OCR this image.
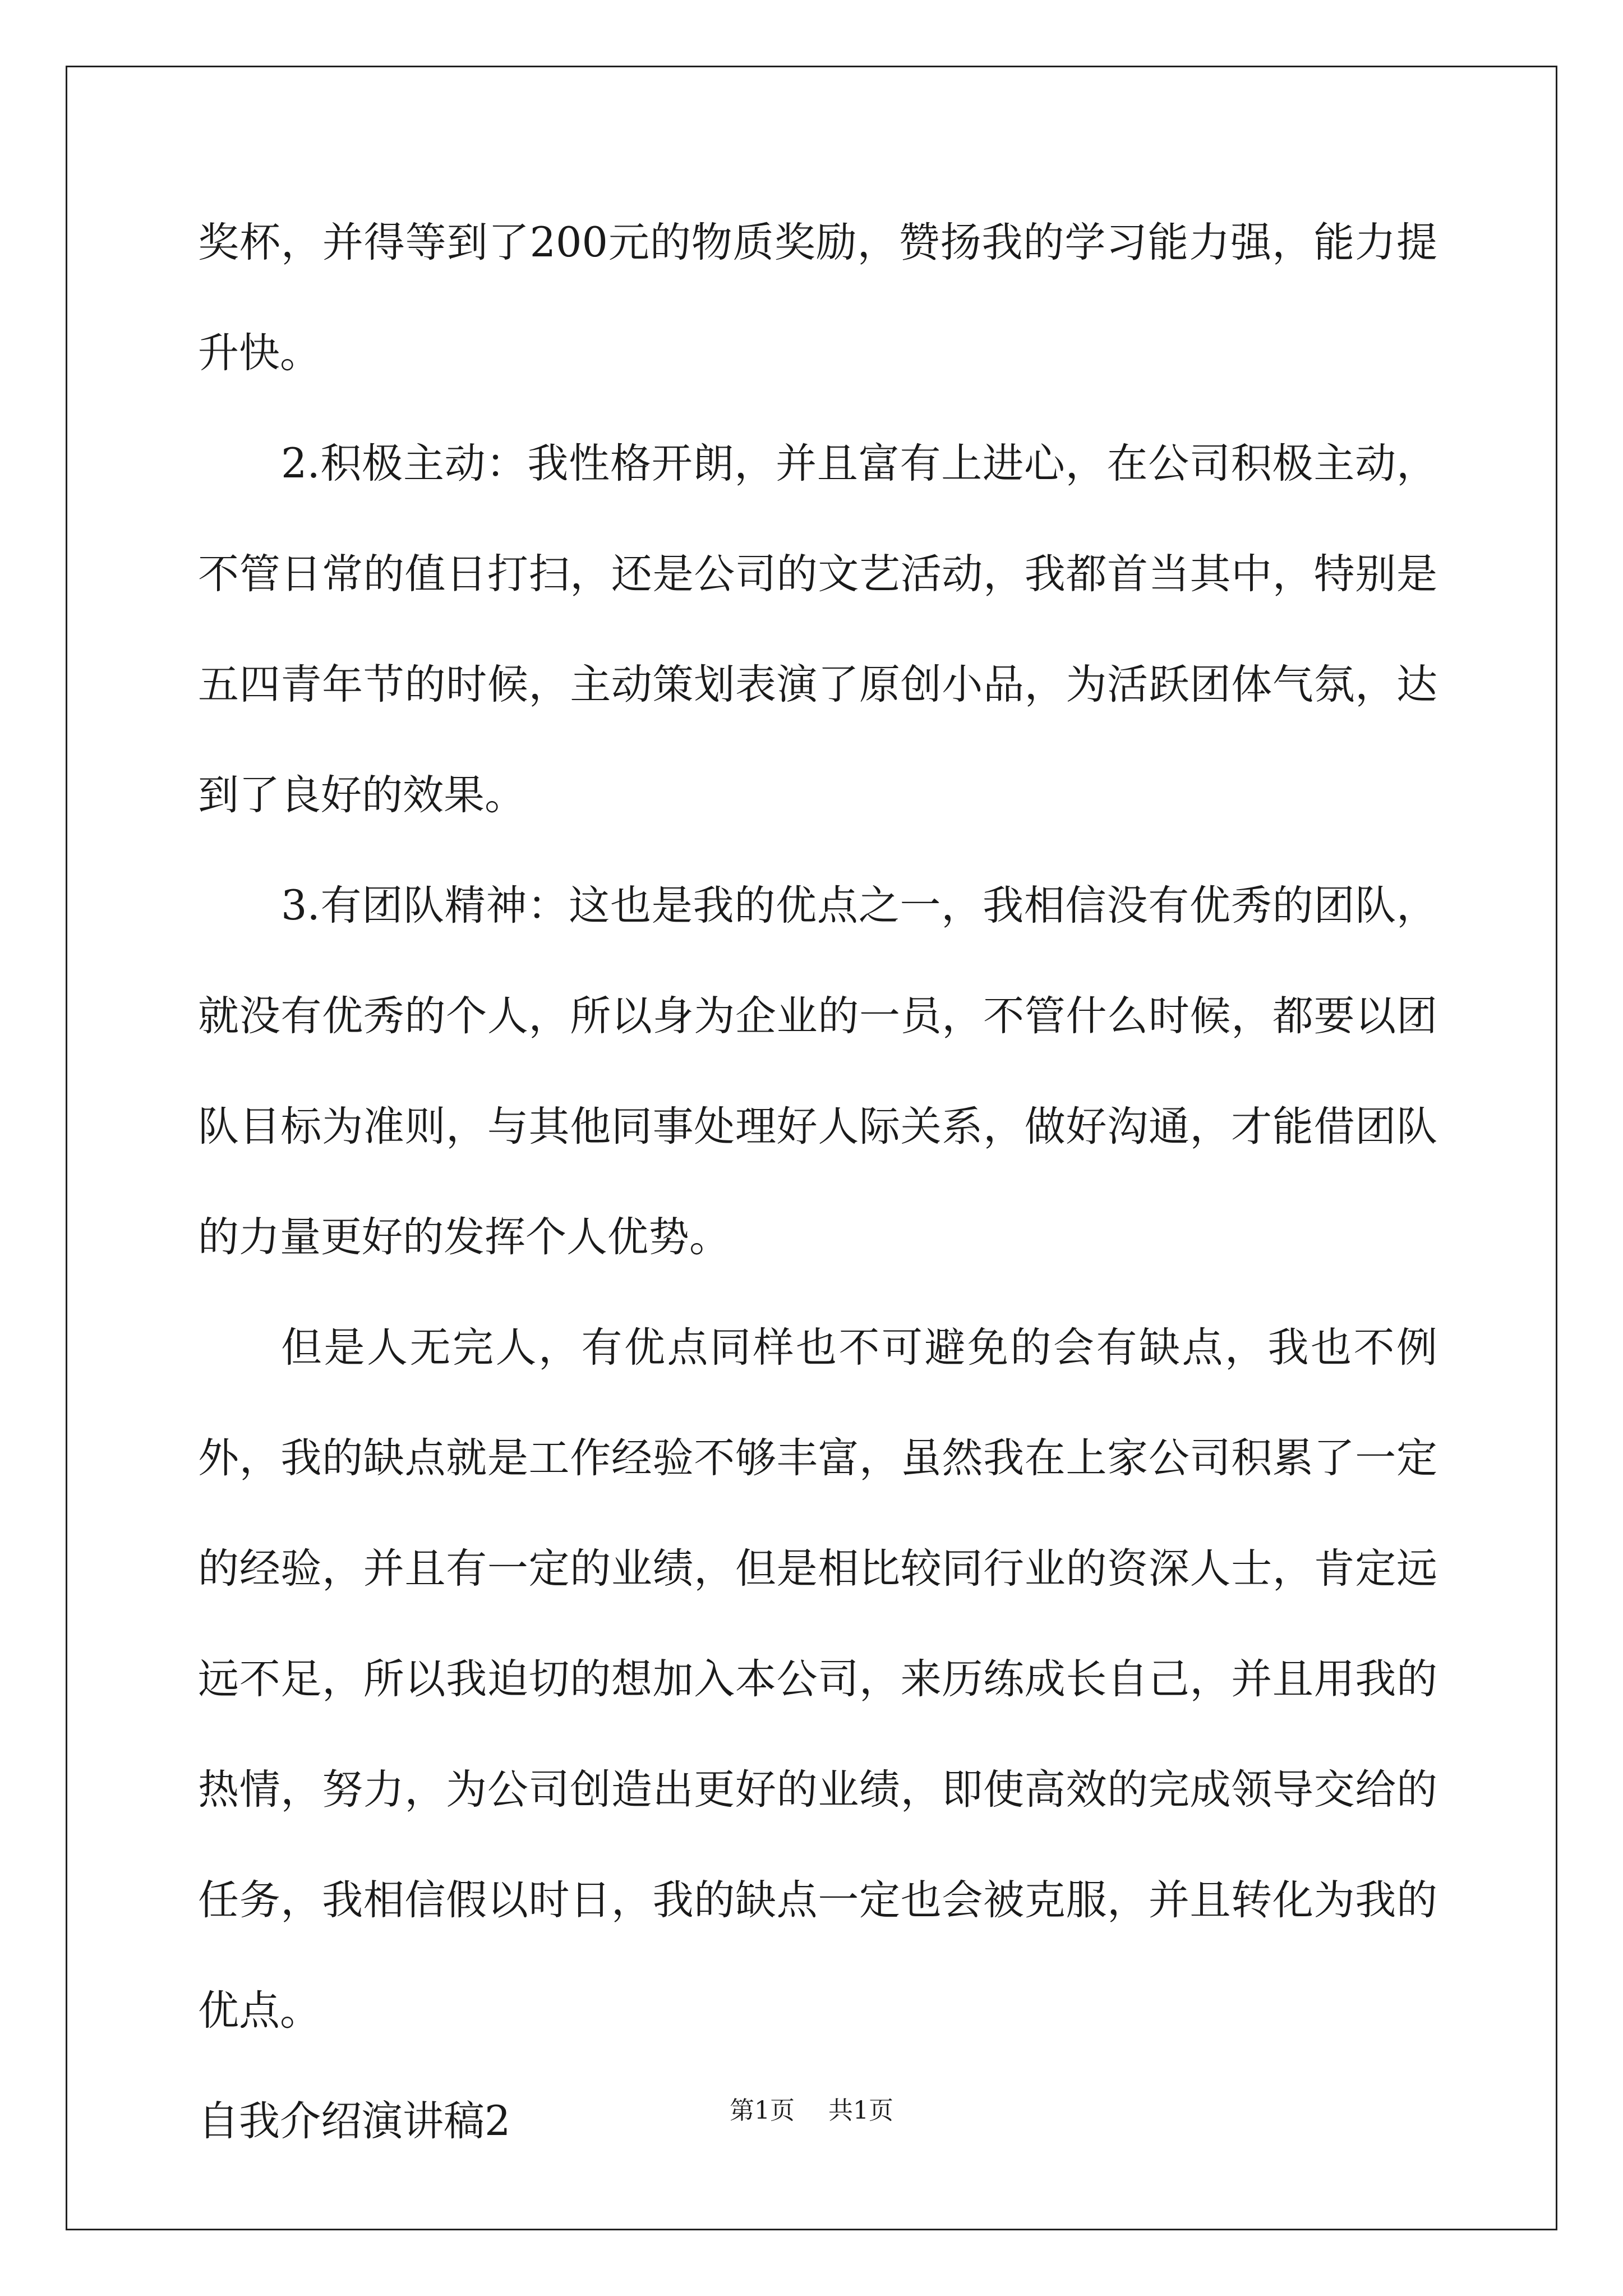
奖杯，并得等到了200元的物质奖励，赞扬我的学习能力强，能力提升快。

2.积极主动：我性格开朗，并且富有上进心，在公司积极主动，不管日常的值日打扫，还是公司的文艺活动，我都首当其中，特别是五四青年节的时候，主动策划表演了原创小品，为活跃团体气氛，达到了良好的效果。

3.有团队精神：这也是我的优点之一，我相信没有优秀的团队，就没有优秀的个人，所以身为企业的一员，不管什么时候，都要以团队目标为准则，与其他同事处理好人际关系，做好沟通，才能借团队的力量更好的发挥个人优势。

但是人无完人，有优点同样也不可避免的会有缺点，我也不例外，我的缺点就是工作经验不够丰富，虽然我在上家公司积累了一定的经验，并且有一定的业绩，但是相比较同行业的资深人士，肯定远远不足，所以我迫切的想加入本公司，来历练成长自己，并且用我的热情，努力，为公司创造出更好的业绩，即使高效的完成领导交给的任务，我相信假以时日，我的缺点一定也会被克服，并且转化为我的优点。

自我介绍演讲稿2	第1页 共1页
